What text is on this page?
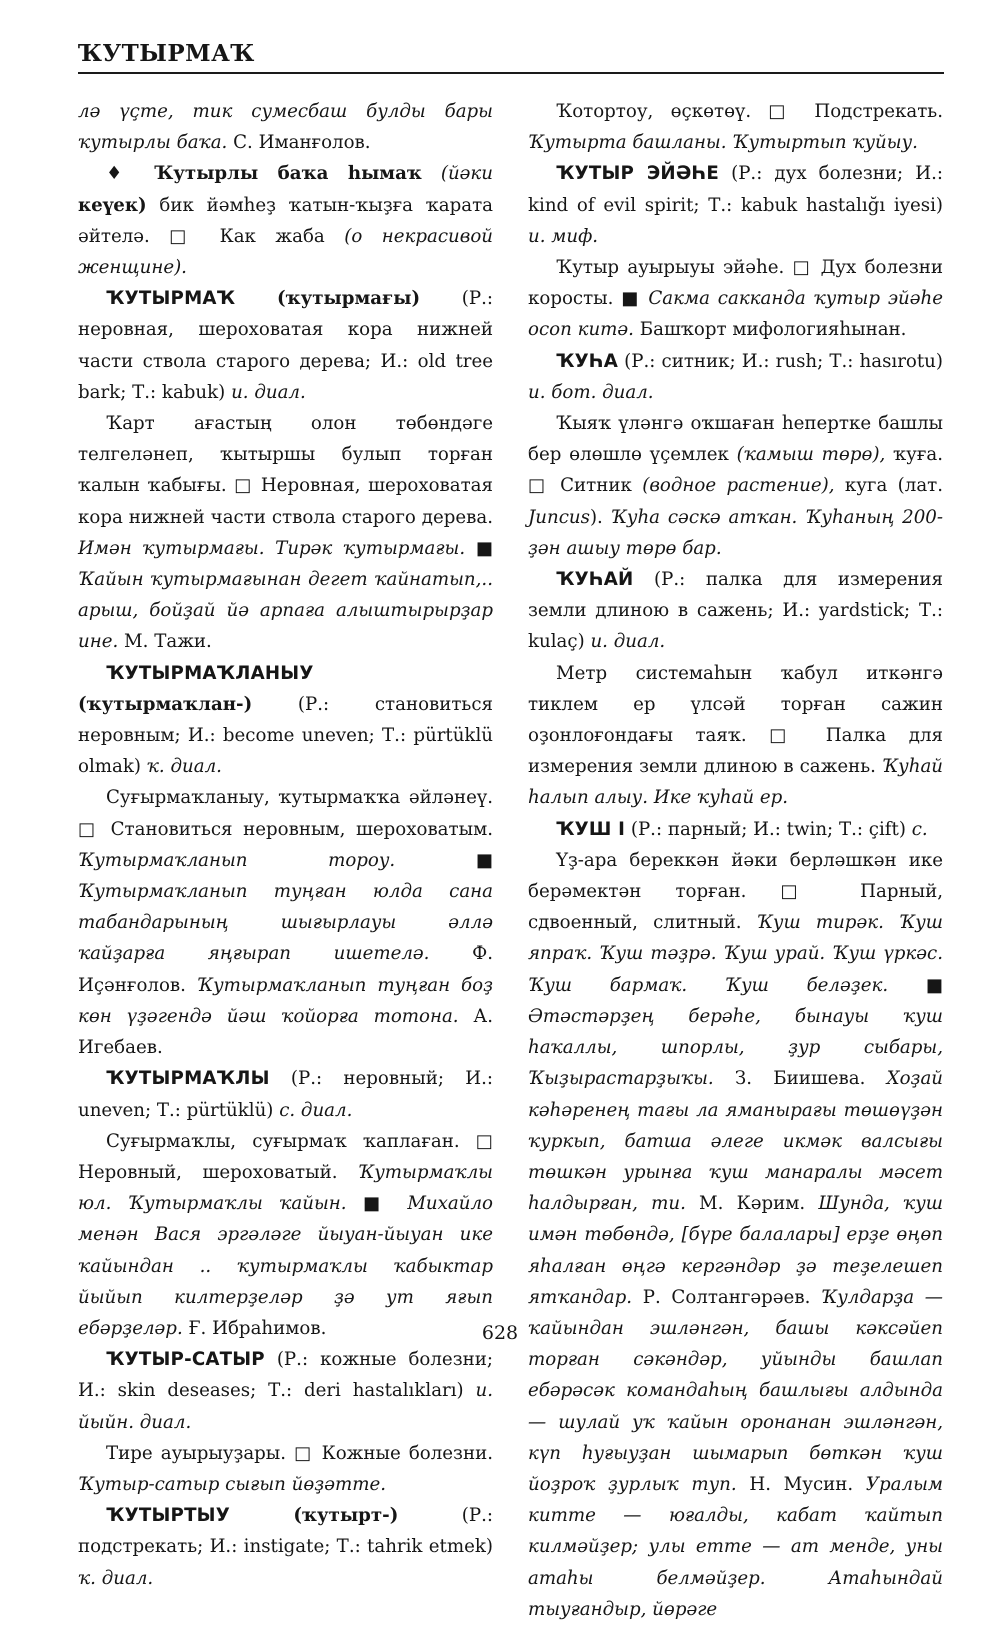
ҠУТЫРМАҠ

лә үҫте, тик сумесбаш булды бары ҡутырлы баҡа. С. Иманғолов.

♦ Ҡутырлы баҡа һымаҡ (йәки кеүек) бик йәмһеҙ ҡатын-ҡыҙға ҡарата әйтелә. □ Как жаба (о некрасивой женщине).

ҠУТЫРМАҠ (ҡутырмағы) (Р.: неровная, шероховатая кора нижней части ствола старого дерева; И.: old tree bark; Т.: kabuk) и. диал.

Ҡарт ағастың олон төбөндәге телгеләнеп, ҡытыршы булып торған ҡалын ҡабығы. □ Неровная, шероховатая кора нижней части ствола старого дерева. Имән ҡутырмағы. Тирәк ҡутырмағы. ■ Ҡайын ҡутырмағынан дегет ҡайнатып,.. арыш, бойҙай йә арпаға алыштырырҙар ине. М. Тажи.

ҠУТЫРМАҠЛАНЫУ (ҡутырмаҡлан-) (Р.: становиться неровным; И.: become uneven; Т.: pürtüklü olmak) ҡ. диал.

Суғырмаҡланыу, ҡутырмаҡҡа әйләнеү. □ Становиться неровным, шероховатым. Ҡутырмаҡланып тороу. ■ Ҡутырмаҡланып туңған юлда сана табандарының шығырлауы әллә ҡайҙарға яңғырап ишетелә. Ф. Иҫәнғолов. Ҡутырмаҡланып туңған боҙ көн үҙәгендә йәш ҡойорға тотона. А. Игебаев.

ҠУТЫРМАҠЛЫ (Р.: неровный; И.: uneven; Т.: pürtüklü) с. диал.

Суғырмаҡлы, суғырмаҡ ҡаплаған. □ Неровный, шероховатый. Ҡутырмаҡлы юл. Ҡутырмаҡлы ҡайын. ■ Михайло менән Вася эргәләге йыуан-йыуан ике ҡайындан .. ҡутырмаҡлы ҡабыктар йыйып килтерҙеләр ҙә ут яғып ебәрҙеләр. Ғ. Ибраһимов.

ҠУТЫР-САТЫР (Р.: кожные болезни; И.: skin deseases; Т.: deri hastalıkları) и. йыйн. диал.

Тире ауырыуҙары. □ Кожные болезни. Ҡутыр-сатыр сығып йөҙәтте.

ҠУТЫРТЫУ	(ҡутырт-) (Р.: подстрекать; И.: instigate; Т.: tahrik etmek) ҡ. диал.

Ҡотортоу, өҫкөтөү. □ Подстрекать. Ҡутырта башланы. Ҡутыртып ҡуйыу.

ҠУТЫР ЭЙӘҺЕ (Р.: дух болезни; И.: kind of evil spirit; Т.: kabuk hastalığı iyesi) и. миф.

Ҡутыр ауырыуы эйәһе. □ Дух болезни коросты. ■ Сакма сакканда ҡутыр эйәһе осоп китә. Башҡорт мифологияһынан.

ҠУҺА (Р.: ситник; И.: rush; Т.: hasırotu) и. бот. диал.

Ҡыяҡ үләнгә оҡшаған һепертке башлы бер өлөшлө үҫемлек (ҡамыш төрө), ҡуға. □ Ситник (водное растение), куга (лат. Juncus). Ҡуһа сәскә атҡан. Ҡуһаның 200-ҙән ашыу төрө бар.

ҠУҺАЙ (Р.: палка для измерения земли длиною в сажень; И.: yardstick; Т.: kulaç) и. диал.

Метр системаһын ҡабул иткәнгә тиклем ер үлсәй торған сажин оҙонлоғондағы таяҡ. □ Палка для измерения земли длиною в сажень. Ҡуһай һалып алыу. Ике ҡуһай ер.

ҠУШ I (Р.: парный; И.: twin; Т.: çift) с.

Үҙ-ара береккән йәки берләшкән ике берәмектән торған. □ Парный, сдвоенный, слитный. Ҡуш тирәк. Ҡуш япраҡ. Ҡуш тәҙрә. Ҡуш урай. Ҡуш үркәс. Ҡуш бармаҡ. Ҡуш беләҙек. ■ Әтәстәрҙең берәһе, бынауы ҡуш һаҡаллы, шпорлы, ҙур сыбары, Ҡыҙырастарҙыҡы. З. Биишева. Хоҙай кәһәренең тағы ла яманырағы төшөүҙән ҡуркып, батша әлеге икмәк валсығы төшкән урынға ҡуш манаралы мәсет һалдырған, ти. М. Кәрим. Шунда, ҡуш имән төбөндә, [бүре балалары] ерҙе өңөп яһалған өңгә кергәндәр ҙә теҙелешеп ятҡандар. Р. Солтангәрәев. Ҡулдарҙа — ҡайындан эшләнгән, башы кәксәйеп торған сәкәндәр, уйынды башлап ебәрәсәк командаһың башлығы алдында — шулай уҡ ҡайын оронанан эшләнгән, күп һуғыуҙан шымарып бөткән ҡуш йоҙроҡ ҙурлыҡ туп. Н. Мусин. Уралым китте — юғалды, кабат ҡайтып килмәйҙер; улы етте — ат менде, уны атаһы белмәйҙер. Атаһындай тыуғандыр, йөрәге

628
